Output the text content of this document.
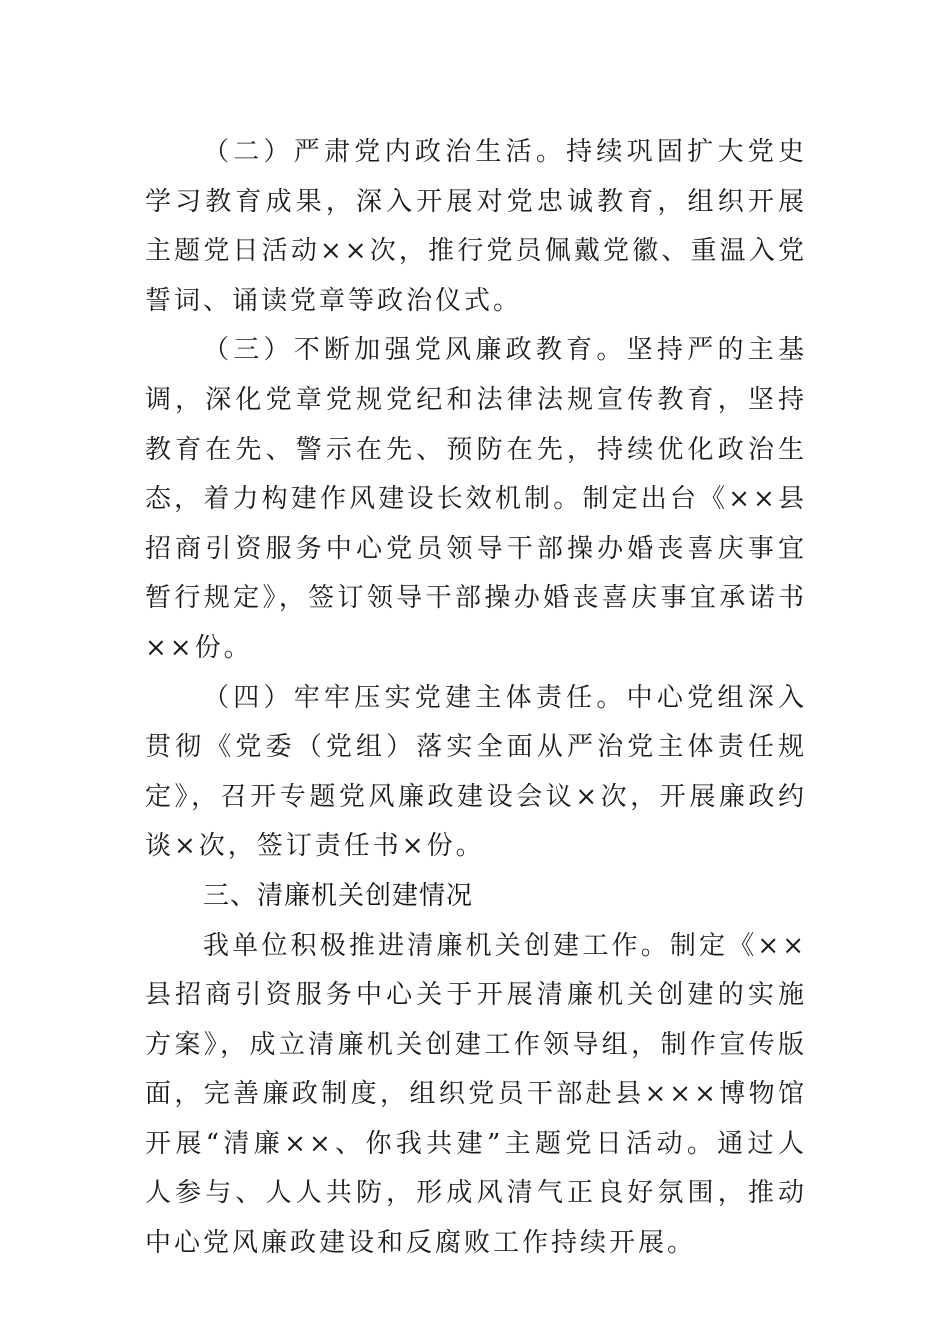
（二）严肃党内政治生活。持续巩固扩大党史学习教育成果，深入开展对党忠诚教育，组织开展主题党日活动××次，推行党员佩戴党徽、重温入党誓词、诵读党章等政治仪式。

（三）不断加强党风廉政教育。坚持严的主基调，深化党章党规党纪和法律法规宣传教育，坚持教育在先、警示在先、预防在先，持续优化政治生态，着力构建作风建设长效机制。制定出台《××县招商引资服务中心党员领导干部操办婚丧喜庆事宜暂行规定》，签订领导干部操办婚丧喜庆事宜承诺书××份。

（四）牢牢压实党建主体责任。中心党组深入贯彻《党委（党组）落实全面从严治党主体责任规定》，召开专题党风廉政建设会议×次，开展廉政约谈×次，签订责任书×份。

三、清廉机关创建情况

我单位积极推进清廉机关创建工作。制定《××县招商引资服务中心关于开展清廉机关创建的实施方案》，成立清廉机关创建工作领导组，制作宣传版面，完善廉政制度，组织党员干部赴县×××博物馆开展“清廉××、你我共建”主题党日活动。通过人人参与、人人共防，形成风清气正良好氛围，推动中心党风廉政建设和反腐败工作持续开展。
